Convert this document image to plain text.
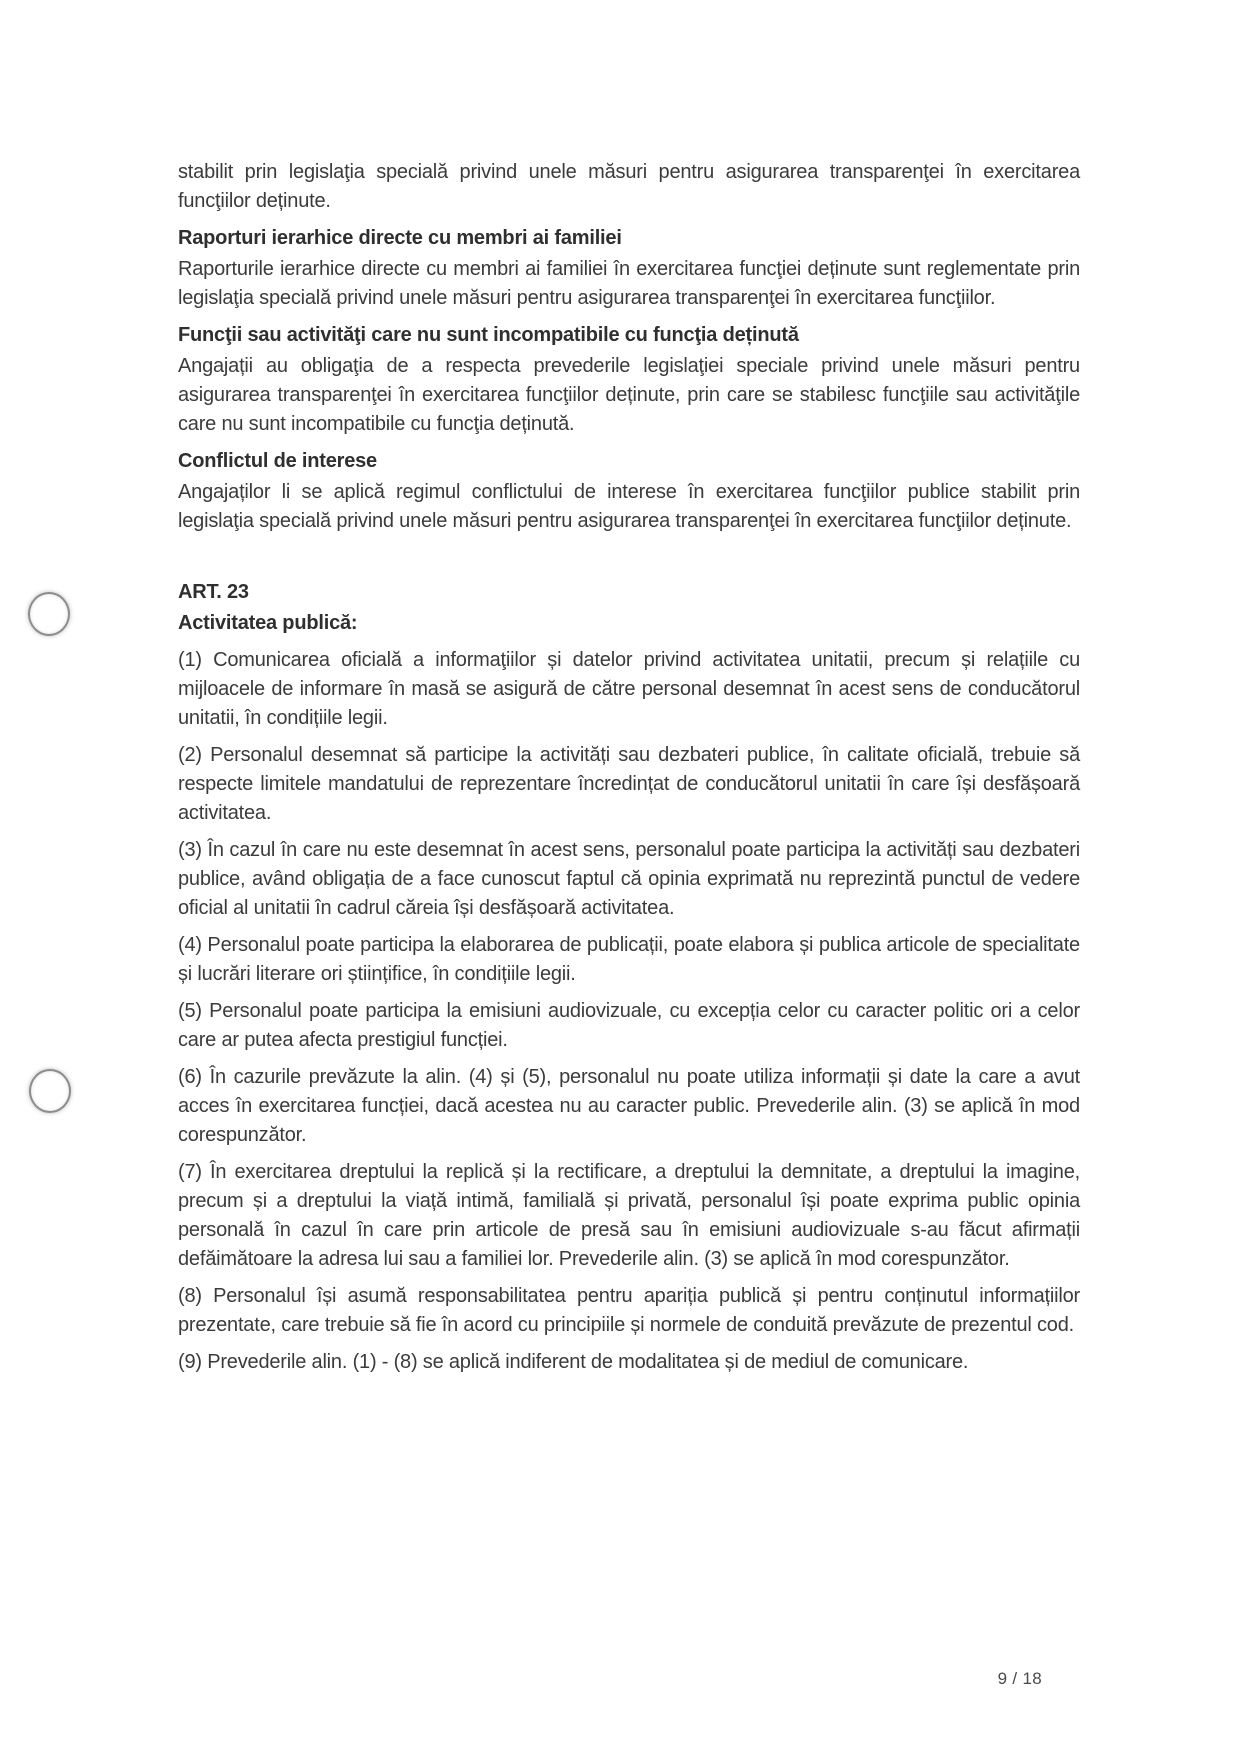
stabilit prin legislaţia specială privind unele măsuri pentru asigurarea transparenţei în exercitarea funcţiilor deținute.

Raporturi ierarhice directe cu membri ai familiei

Raporturile ierarhice directe cu membri ai familiei în exercitarea funcţiei deținute sunt reglementate prin legislaţia specială privind unele măsuri pentru asigurarea transparenţei în exercitarea funcţiilor.

Funcţii sau activităţi care nu sunt incompatibile cu funcţia deținută

Angajații au obligaţia de a respecta prevederile legislaţiei speciale privind unele măsuri pentru asigurarea transparenţei în exercitarea funcţiilor deținute, prin care se stabilesc funcţiile sau activităţile care nu sunt incompatibile cu funcţia deținută.

Conflictul de interese

Angajaților li se aplică regimul conflictului de interese în exercitarea funcţiilor publice stabilit prin legislaţia specială privind unele măsuri pentru asigurarea transparenţei în exercitarea funcţiilor deținute.

ART. 23
Activitatea publică:

(1) Comunicarea oficială a informaţiilor și datelor privind activitatea unitatii, precum și relațiile cu mijloacele de informare în masă se asigură de către personal desemnat în acest sens de conducătorul unitatii, în condițiile legii.

(2) Personalul desemnat să participe la activități sau dezbateri publice, în calitate oficială, trebuie să respecte limitele mandatului de reprezentare încredințat de conducătorul unitatii în care își desfășoară activitatea.

(3) În cazul în care nu este desemnat în acest sens, personalul poate participa la activități sau dezbateri publice, având obligația de a face cunoscut faptul că opinia exprimată nu reprezintă punctul de vedere oficial al unitatii în cadrul căreia își desfășoară activitatea.

(4) Personalul poate participa la elaborarea de publicații, poate elabora și publica articole de specialitate și lucrări literare ori științifice, în condițiile legii.

(5) Personalul poate participa la emisiuni audiovizuale, cu excepția celor cu caracter politic ori a celor care ar putea afecta prestigiul funcției.

(6) În cazurile prevăzute la alin. (4) și (5), personalul nu poate utiliza informații și date la care a avut acces în exercitarea funcției, dacă acestea nu au caracter public. Prevederile alin. (3) se aplică în mod corespunzător.

(7) În exercitarea dreptului la replică și la rectificare, a dreptului la demnitate, a dreptului la imagine, precum și a dreptului la viață intimă, familială și privată, personalul își poate exprima public opinia personală în cazul în care prin articole de presă sau în emisiuni audiovizuale s-au făcut afirmații defăimătoare la adresa lui sau a familiei lor. Prevederile alin. (3) se aplică în mod corespunzător.

(8) Personalul își asumă responsabilitatea pentru apariția publică și pentru conținutul informațiilor prezentate, care trebuie să fie în acord cu principiile și normele de conduită prevăzute de prezentul cod.

(9) Prevederile alin. (1) - (8) se aplică indiferent de modalitatea și de mediul de comunicare.

9 / 18
